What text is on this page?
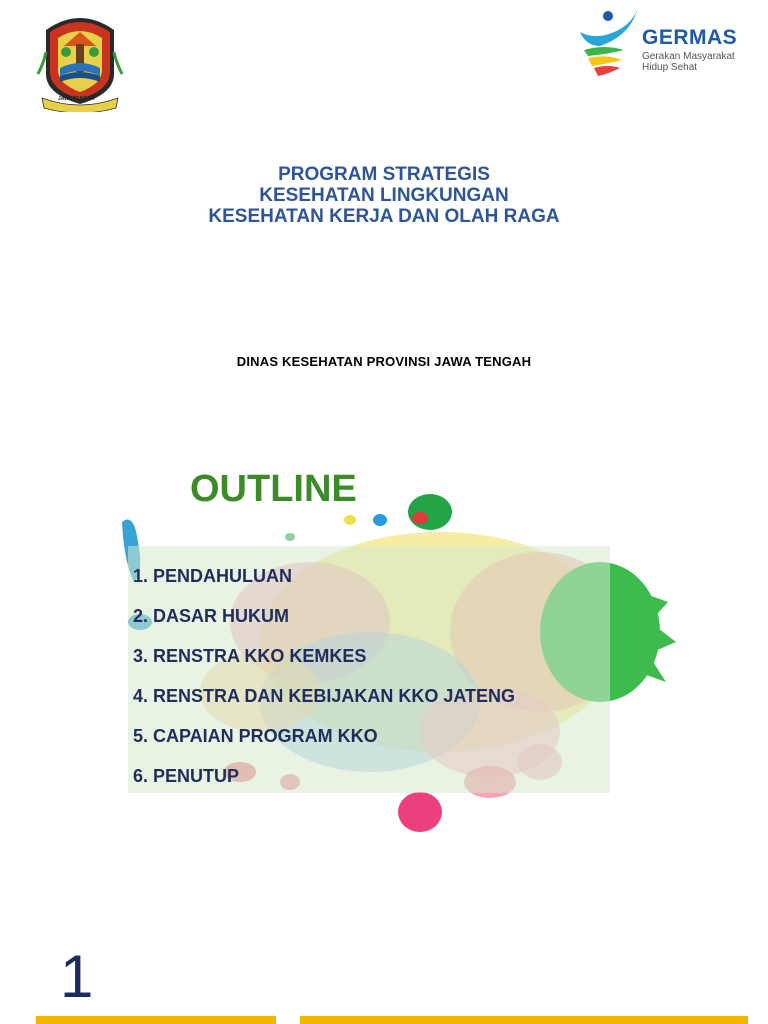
JAWA TENGAH
GERMAS
Gerakan Masyarakat
Hidup Sehat
PROGRAM STRATEGIS
KESEHATAN LINGKUNGAN
KESEHATAN KERJA DAN OLAH RAGA
DINAS KESEHATAN PROVINSI JAWA TENGAH
OUTLINE
1. PENDAHULUAN
2. DASAR HUKUM
3. RENSTRA KKO KEMKES
4. RENSTRA DAN KEBIJAKAN KKO JATENG
5. CAPAIAN PROGRAM KKO
6. PENUTUP
1
